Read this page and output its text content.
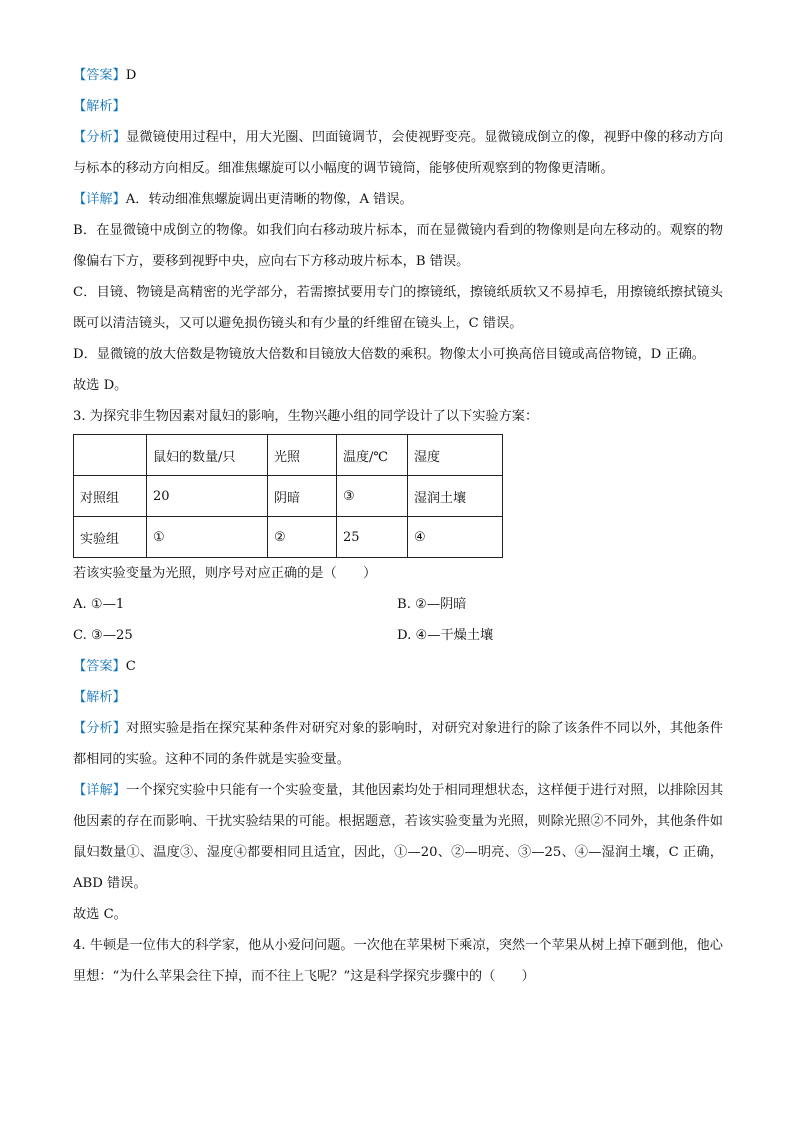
【答案】D
【解析】
【分析】显微镜使用过程中，用大光圈、凹面镜调节，会使视野变亮。显微镜成倒立的像，视野中像的移动方向与标本的移动方向相反。细准焦螺旋可以小幅度的调节镜筒，能够使所观察到的物像更清晰。
【详解】A．转动细准焦螺旋调出更清晰的物像，A 错误。
B．在显微镜中成倒立的物像。如我们向右移动玻片标本，而在显微镜内看到的物像则是向左移动的。观察的物像偏右下方，要移到视野中央，应向右下方移动玻片标本，B 错误。
C．目镜、物镜是高精密的光学部分，若需擦拭要用专门的擦镜纸，擦镜纸质软又不易掉毛，用擦镜纸擦拭镜头既可以清洁镜头，又可以避免损伤镜头和有少量的纤维留在镜头上，C 错误。
D．显微镜的放大倍数是物镜放大倍数和目镜放大倍数的乘积。物像太小可换高倍目镜或高倍物镜，D 正确。
故选 D。
3. 为探究非生物因素对鼠妇的影响，生物兴趣小组的同学设计了以下实验方案：
	鼠妇的数量/只	光照	温度/℃	湿度
对照组	20	阴暗	③	湿润土壤
实验组	①	②	25	④
若该实验变量为光照，则序号对应正确的是（　　）
A. ①—1	B. ②—阴暗
C. ③—25	D. ④—干燥土壤
【答案】C
【解析】
【分析】对照实验是指在探究某种条件对研究对象的影响时，对研究对象进行的除了该条件不同以外，其他条件都相同的实验。这种不同的条件就是实验变量。
【详解】一个探究实验中只能有一个实验变量，其他因素均处于相同理想状态，这样便于进行对照，以排除因其他因素的存在而影响、干扰实验结果的可能。根据题意，若该实验变量为光照，则除光照②不同外，其他条件如鼠妇数量①、温度③、湿度④都要相同且适宜，因此，①—20、②—明亮、③—25、④—湿润土壤，C 正确，ABD 错误。
故选 C。
4. 牛顿是一位伟大的科学家，他从小爱问问题。一次他在苹果树下乘凉，突然一个苹果从树上掉下砸到他，他心里想：“为什么苹果会往下掉，而不往上飞呢？”这是科学探究步骤中的（　　）
